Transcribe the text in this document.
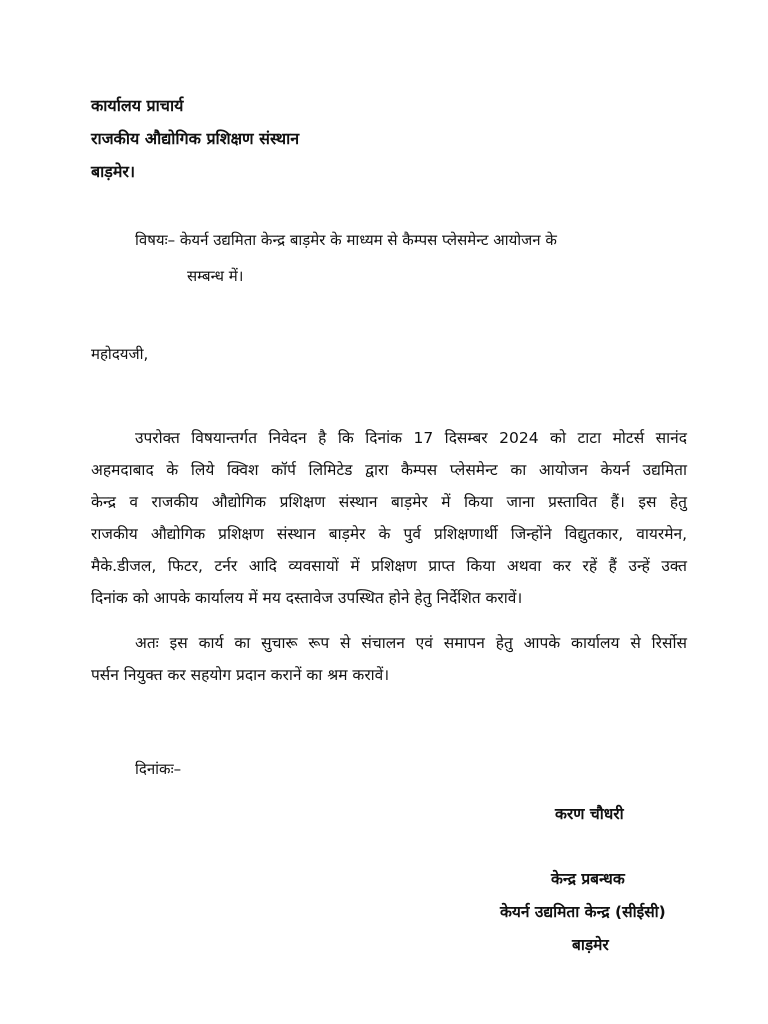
कार्यालय प्राचार्य
राजकीय औद्योगिक प्रशिक्षण संस्थान
बाड़मेर।
विषयः– केयर्न उद्यमिता केन्द्र बाड़मेर के माध्यम से कैम्पस प्लेसमेन्ट आयोजन के
सम्बन्ध में।
महोदयजी,
उपरोक्त विषयान्तर्गत निवेदन है कि दिनांक 17 दिसम्बर 2024 को टाटा मोटर्स सानंद
अहमदाबाद के लिये क्विश कॉर्प लिमिटेड द्वारा कैम्पस प्लेसमेन्ट का आयोजन केयर्न उद्यमिता
केन्द्र व राजकीय औद्योगिक प्रशिक्षण संस्थान बाड़मेर में किया जाना प्रस्तावित हैं। इस हेतु
राजकीय औद्योगिक प्रशिक्षण संस्थान बाड़मेर के पुर्व प्रशिक्षणार्थी जिन्होंने विद्युतकार, वायरमेन,
मैके.डीजल, फिटर, टर्नर आदि व्यवसायों में प्रशिक्षण प्राप्त किया अथवा कर रहें हैं उन्हें उक्त
दिनांक को आपके कार्यालय में मय दस्तावेज उपस्थित होने हेतु निर्देशित करावें।
अतः इस कार्य का सुचारू रूप से संचालन एवं समापन हेतु आपके कार्यालय से रिर्सोस
पर्सन नियुक्त कर सहयोग प्रदान करानें का श्रम करावें।
दिनांकः–
करण चौधरी
केन्द्र प्रबन्धक
केयर्न उद्यमिता केन्द्र (सीईसी)
बाड़मेर
